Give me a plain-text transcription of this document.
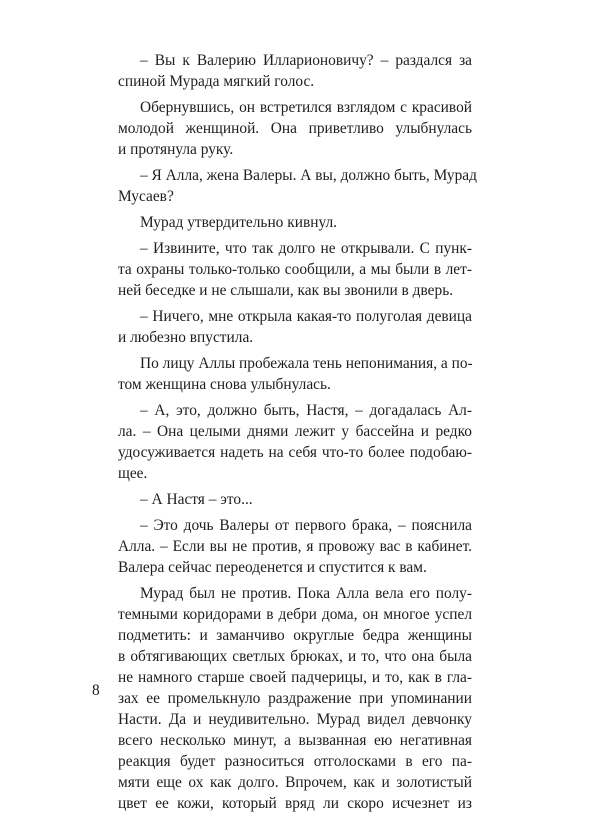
– Вы к Валерию Илларионовичу? – раздался за
спиной Мурада мягкий голос.
Обернувшись, он встретился взглядом с красивой
молодой женщиной. Она приветливо улыбнулась
и протянула руку.
– Я Алла, жена Валеры. А вы, должно быть, Мурад
Мусаев?
Мурад утвердительно кивнул.
– Извините, что так долго не открывали. С пунк-
та охраны только-только сообщили, а мы были в лет-
ней беседке и не слышали, как вы звонили в дверь.
– Ничего, мне открыла какая-то полуголая девица
и любезно впустила.
По лицу Аллы пробежала тень непонимания, а по-
том женщина снова улыбнулась.
– А, это, должно быть, Настя, – догадалась Ал-
ла. – Она целыми днями лежит у бассейна и редко
удосуживается надеть на себя что-то более подобаю-
щее.
– А Настя – это...
– Это дочь Валеры от первого брака, – пояснила
Алла. – Если вы не против, я провожу вас в кабинет.
Валера сейчас переоденется и спустится к вам.
Мурад был не против. Пока Алла вела его полу-
темными коридорами в дебри дома, он многое успел
подметить: и заманчиво округлые бедра женщины
в обтягивающих светлых брюках, и то, что она была
не намного старше своей падчерицы, и то, как в гла-
зах ее промелькнуло раздражение при упоминании
Насти. Да и неудивительно. Мурад видел девчонку
всего несколько минут, а вызванная ею негативная
реакция будет разноситься отголосками в его па-
мяти еще ох как долго. Впрочем, как и золотистый
цвет ее кожи, который вряд ли скоро исчезнет из
8
